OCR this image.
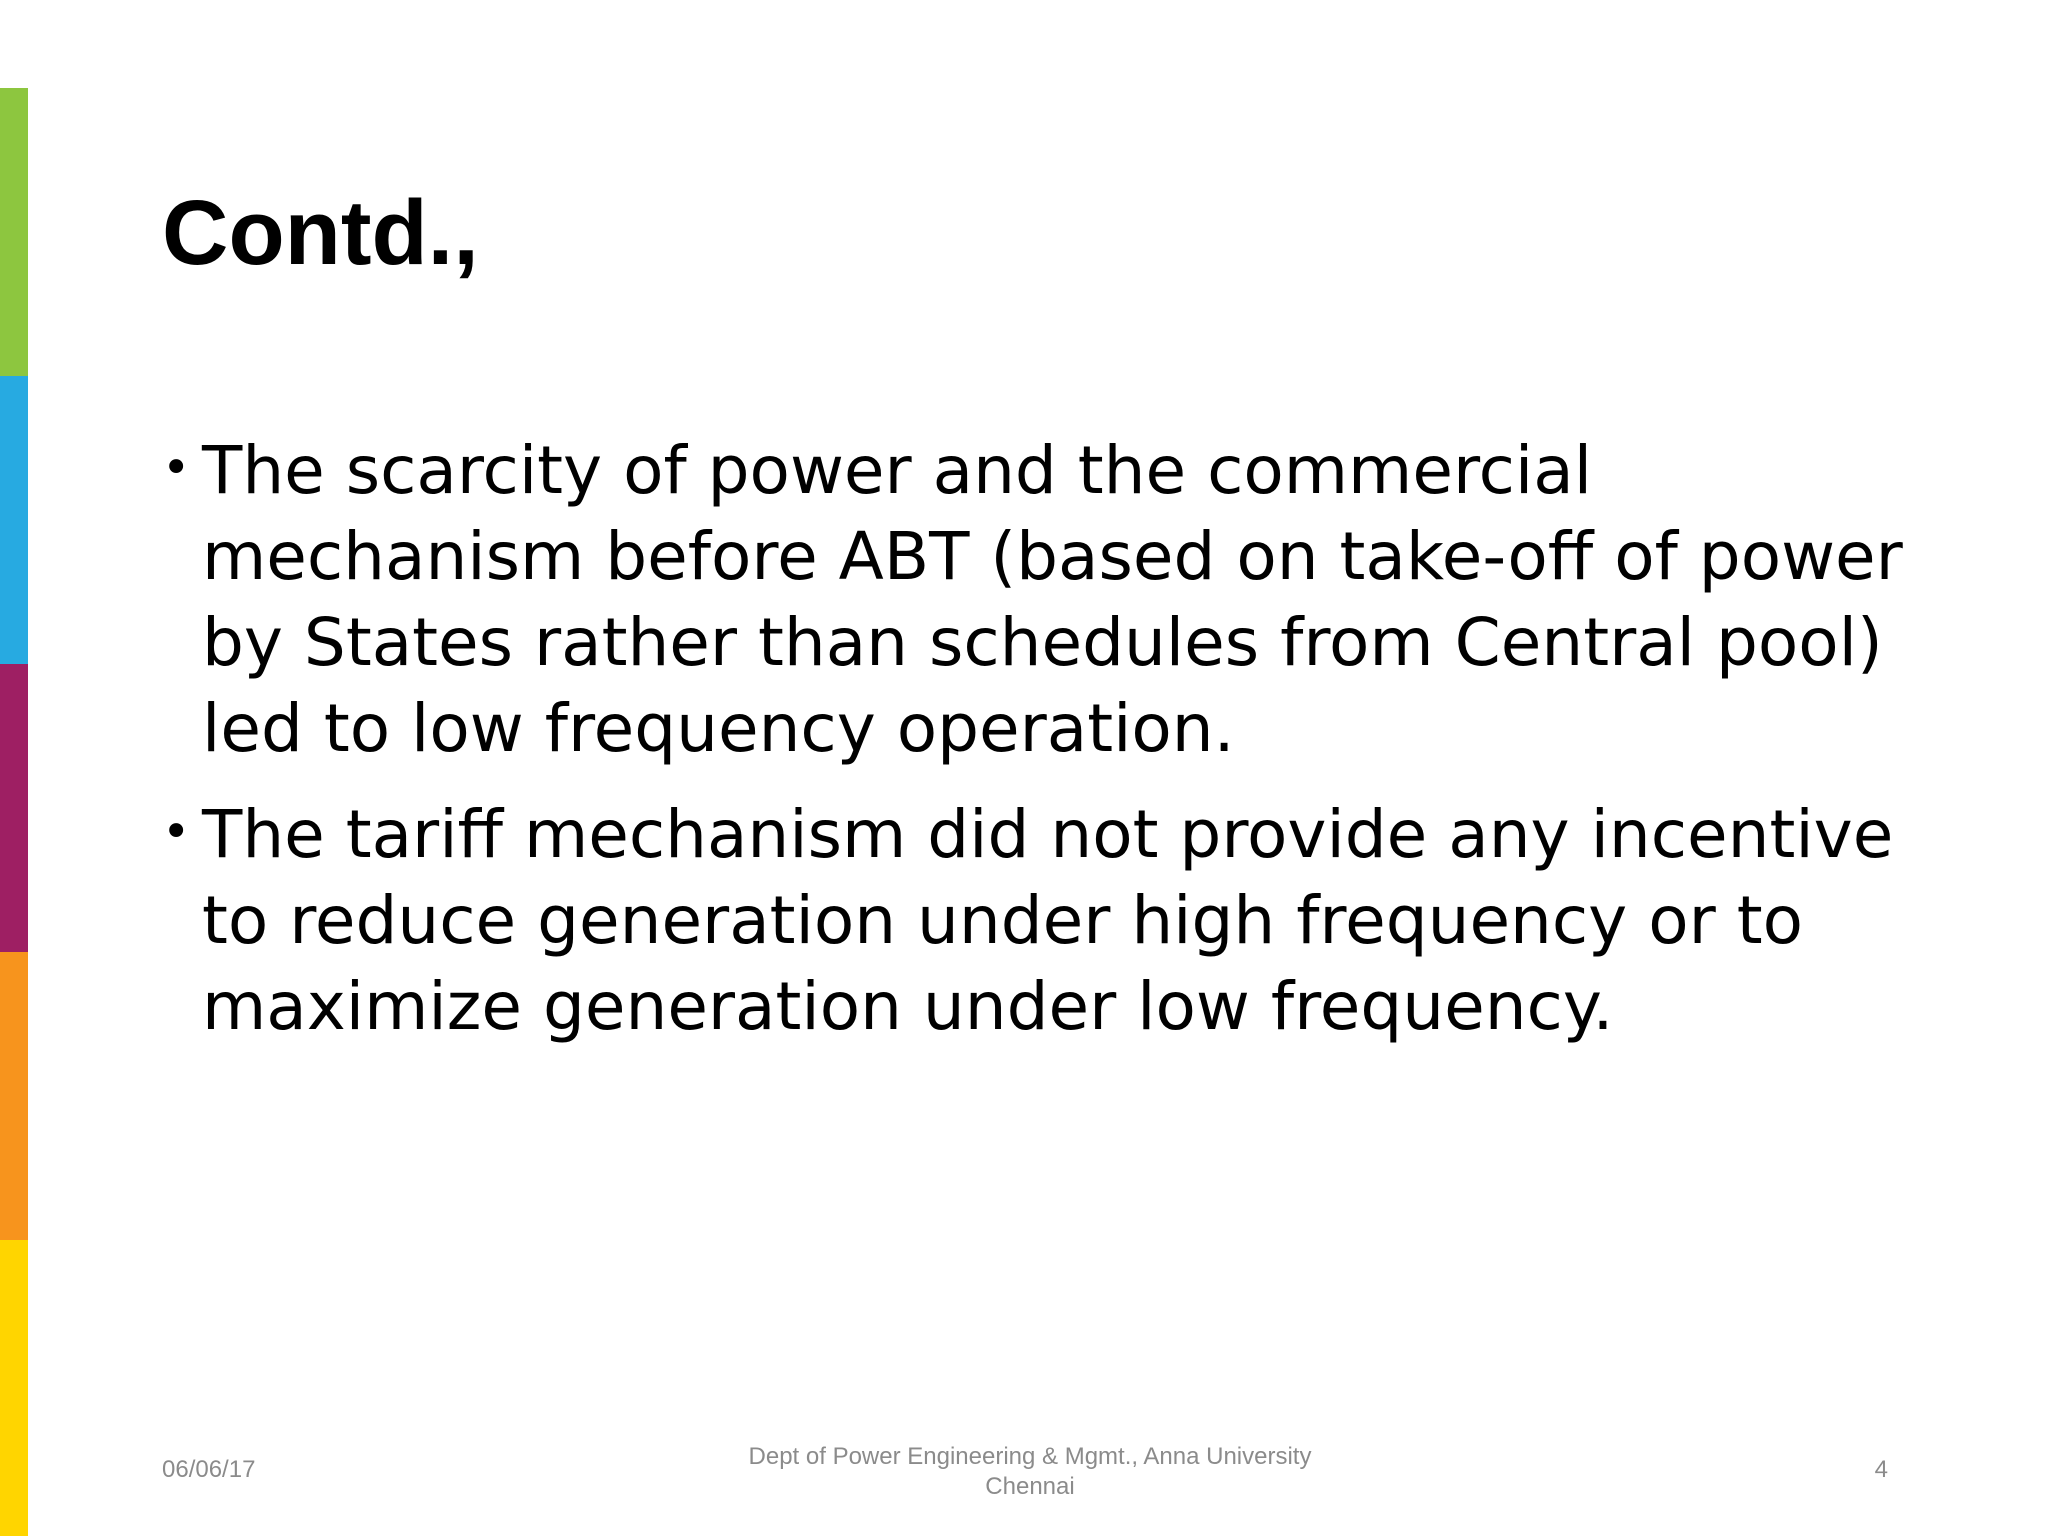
Contd.,
• The scarcity of power and the commercial mechanism before ABT (based on take-off of power by States rather than schedules from Central pool) led to low frequency operation.
• The tariff mechanism did not provide any incentive to reduce generation under high frequency or to maximize generation under low frequency.
06/06/17	Dept of Power Engineering & Mgmt., Anna University
Chennai
4
